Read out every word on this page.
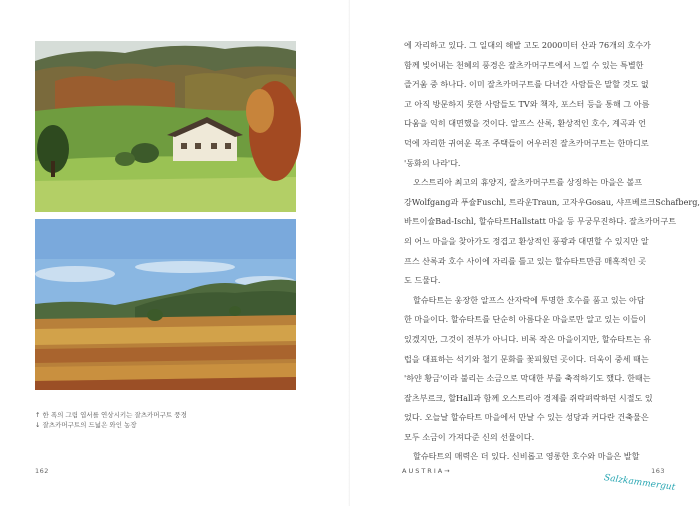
↑ 한 폭의 그림 엽서를 연상시키는 잘츠카머구트 풍경
↓ 잘츠카머구트의 드넓은 와인 농장
162
에 자리하고 있다. 그 일대의 해발 고도 2000미터 산과 76개의 호수가
함께 빚어내는 천혜의 풍경은 잘츠카머구트에서 느낄 수 있는 특별한
즐거움 중 하나다. 이미 잘츠카머구트를 다녀간 사람들은 말할 것도 없
고 아직 방문하지 못한 사람들도 TV와 책자, 포스터 등을 통해 그 아름
다움을 익히 대면했을 것이다. 알프스 산록, 환상적인 호수, 계곡과 언
덕에 자리한 귀여운 목조 주택들이 어우러진 잘츠카머구트는 한마디로
'동화의 나라'다.
오스트리아 최고의 휴양지, 잘츠카머구트를 상징하는 마을은 볼프
강Wolfgang과 푸슐Fuschl, 트라운Traun, 고자우Gosau, 샤프베르크Schafberg,
바트이슐Bad-Ischl, 할슈타트Hallstatt 마을 등 무궁무진하다. 잘츠카머구트
의 어느 마을을 찾아가도 정겹고 환상적인 풍광과 대면할 수 있지만 알
프스 산록과 호수 사이에 자리를 틀고 있는 할슈타트만큼 매혹적인 곳
도 드물다.
할슈타트는 웅장한 알프스 산자락에 투명한 호수를 품고 있는 아담
한 마을이다. 할슈타트를 단순히 아름다운 마을로만 알고 있는 이들이
있겠지만, 그것이 전부가 아니다. 비록 작은 마을이지만, 할슈타트는 유
럽을 대표하는 석기와 철기 문화를 꽃피웠던 곳이다. 더욱이 중세 때는
'하얀 황금'이라 불리는 소금으로 막대한 부를 축적하기도 했다. 한때는
잘츠부르크, 할Hall과 함께 오스트리아 경제를 쥐락펴락하던 시절도 있
었다. 오늘날 할슈타트 마을에서 만날 수 있는 성당과 커다란 건축물은
모두 소금이 가져다준 신의 선물이다.
할슈타트의 매력은 더 있다. 신비롭고 영롱한 호수와 마을은 발할
AUSTRIA→	163
Salzkammergut
